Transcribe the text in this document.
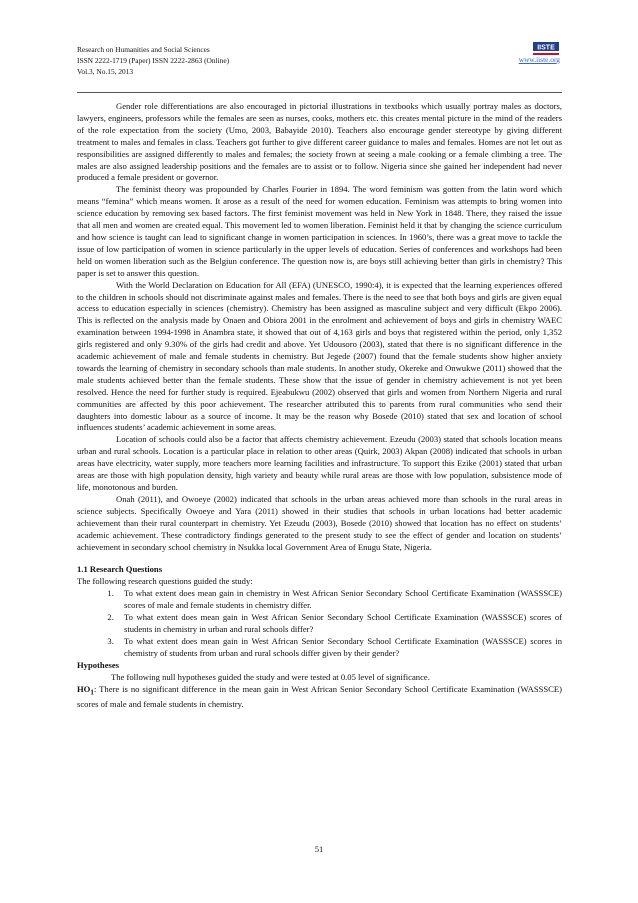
Research on Humanities and Social Sciences
ISSN 2222-1719 (Paper) ISSN 2222-2863 (Online)
Vol.3, No.15, 2013
IISTE
www.iiste.org

Gender role differentiations are also encouraged in pictorial illustrations in textbooks which usually portray males as doctors, lawyers, engineers, professors while the females are seen as nurses, cooks, mothers etc. this creates mental picture in the mind of the readers of the role expectation from the society (Umo, 2003, Babayide 2010). Teachers also encourage gender stereotype by giving different treatment to males and females in class. Teachers got further to give different career guidance to males and females. Homes are not let out as responsibilities are assigned differently to males and females; the society frown at seeing a male cooking or a female climbing a tree. The males are also assigned leadership positions and the females are to assist or to follow. Nigeria since she gained her independent had never produced a female president or governor.

The feminist theory was propounded by Charles Fourier in 1894. The word feminism was gotten from the latin word which means “femina” which means women. It arose as a result of the need for women education. Feminism was attempts to bring women into science education by removing sex based factors. The first feminist movement was held in New York in 1848. There, they raised the issue that all men and women are created equal. This movement led to women liberation. Feminist held it that by changing the science curriculum and how science is taught can lead to significant change in women participation in sciences. In 1960’s, there was a great move to tackle the issue of low participation of women in science particularly in the upper levels of education. Series of conferences and workshops had been held on women liberation such as the Belgiun conference. The question now is, are boys still achieving better than girls in chemistry? This paper is set to answer this question.

With the World Declaration on Education for All (EFA) (UNESCO, 1990:4), it is expected that the learning experiences offered to the children in schools should not discriminate against males and females. There is the need to see that both boys and girls are given equal access to education especially in sciences (chemistry). Chemistry has been assigned as masculine subject and very difficult (Ekpo 2006). This is reflected on the analysis made by Onaen and Obiora 2001 in the enrolment and achievement of boys and girls in chemistry WAEC examination between 1994-1998 in Anambra state, it showed that out of 4,163 girls and boys that registered within the period, only 1,352 girls registered and only 9.30% of the girls had credit and above. Yet Udousoro (2003), stated that there is no significant difference in the academic achievement of male and female students in chemistry. But Jegede (2007) found that the female students show higher anxiety towards the learning of chemistry in secondary schools than male students. In another study, Okereke and Onwukwe (2011) showed that the male students achieved better than the female students. These show that the issue of gender in chemistry achievement is not yet been resolved. Hence the need for further study is required. Ejeabukwu (2002) observed that girls and women from Northern Nigeria and rural communities are affected by this poor achievement. The researcher attributed this to parents from rural communities who send their daughters into domestic labour as a source of income. It may be the reason why Bosede (2010) stated that sex and location of school influences students’ academic achievement in some areas.

Location of schools could also be a factor that affects chemistry achievement. Ezeudu (2003) stated that schools location means urban and rural schools. Location is a particular place in relation to other areas (Quirk, 2003) Akpan (2008) indicated that schools in urban areas have electricity, water supply, more teachers more learning facilities and infrastructure. To support this Ezike (2001) stated that urban areas are those with high population density, high variety and beauty while rural areas are those with low population, subsistence mode of life, monotonous and burden.

Onah (2011), and Owoeye (2002) indicated that schools in the urban areas achieved more than schools in the rural areas in science subjects. Specifically Owoeye and Yara (2011) showed in their studies that schools in urban locations had better academic achievement than their rural counterpart in chemistry. Yet Ezeudu (2003), Bosede (2010) showed that location has no effect on students’ academic achievement. These contradictory findings generated to the present study to see the effect of gender and location on students’ achievement in secondary school chemistry in Nsukka local Government Area of Enugu State, Nigeria.

1.1 Research Questions

The following research questions guided the study:

1. To what extent does mean gain in chemistry in West African Senior Secondary School Certificate Examination (WASSSCE) scores of male and female students in chemistry differ.
2. To what extent does mean gain in West African Senior Secondary School Certificate Examination (WASSSCE) scores of students in chemistry in urban and rural schools differ?
3. To what extent does mean gain in West African Senior Secondary School Certificate Examination (WASSSCE) scores in chemistry of students from urban and rural schools differ given by their gender?

Hypotheses

The following null hypotheses guided the study and were tested at 0.05 level of significance.

$HO_1$: There is no significant difference in the mean gain in West African Senior Secondary School Certificate Examination (WASSSCE) scores of male and female students in chemistry.

51
